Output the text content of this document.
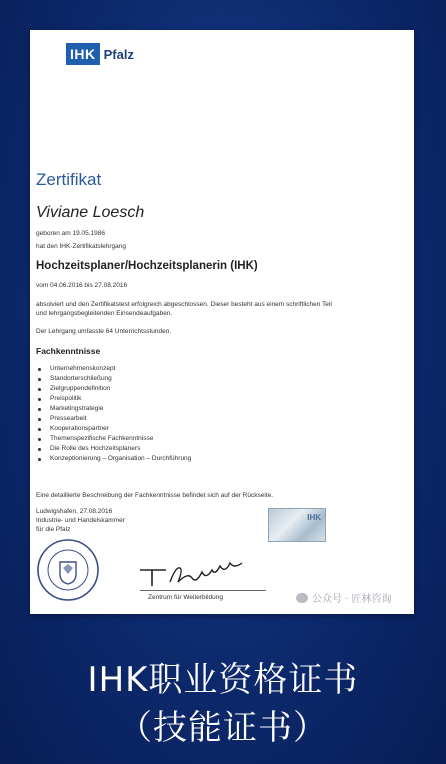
IHK Pfalz
Zertifikat
Viviane Loesch
geboren am 19.05.1986
hat den IHK-Zertifikatslehrgang
Hochzeitsplaner/Hochzeitsplanerin (IHK)
vom 04.06.2016 bis 27.08.2016
absolviert und den Zertifikatstest erfolgreich abgeschlossen. Dieser besteht aus einem schriftlichen Teil und lehrgangsbegleitenden Einsendeaufgaben.
Der Lehrgang umfasste 64 Unterrichtsstunden.
Fachkenntnisse
Unternehmenskonzept
Standorterschließung
Zielgruppendefinition
Preispolitik
Marketingstrategie
Pressearbeit
Kooperationspartner
Themenspezifische Fachkenntnisse
Die Rolle des Hochzeitsplaners
Konzeptionierung – Organisation – Durchführung
Eine detaillierte Beschreibung der Fachkenntnisse befindet sich auf der Rückseite.
Ludwigshafen, 27.08.2016
Industrie- und Handelskammer
für die Pfalz
IHK
Zentrum für Weiterbildung	公众号 · 匠林咨询
IHK职业资格证书
（技能证书）
